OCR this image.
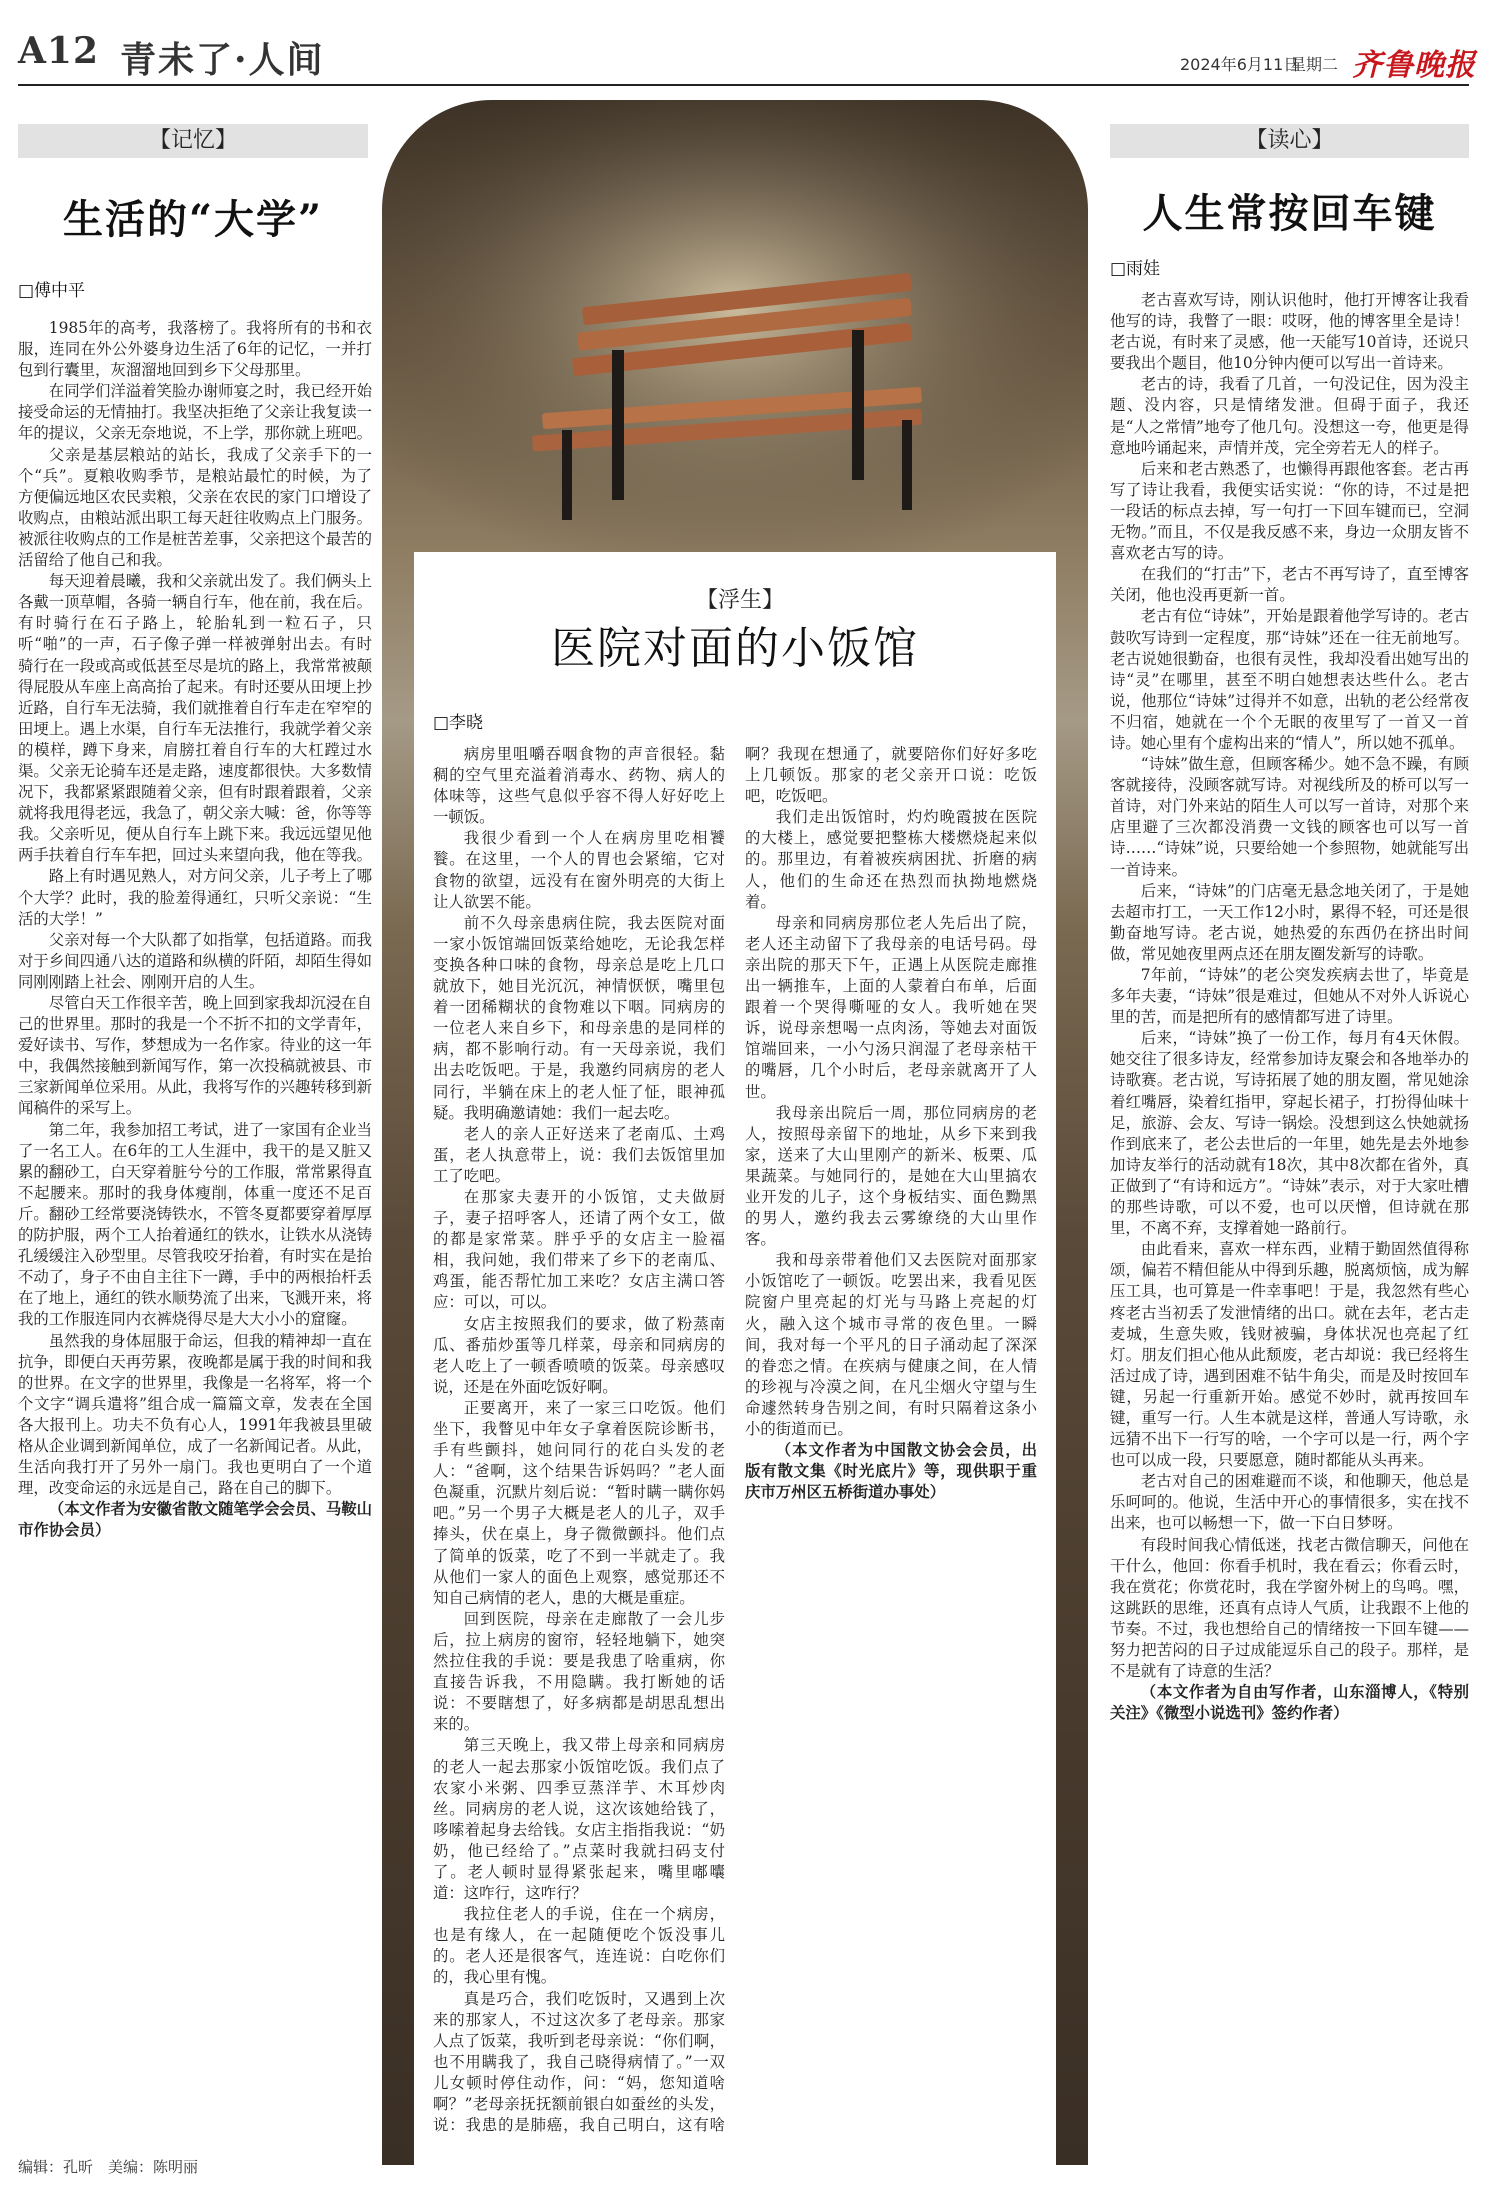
A12 青未了·人间	2024年6月11日
星期二 齐鲁晚报
【记忆】
生活的“大学”
□傅中平

1985年的高考，我落榜了。我将所有的书和衣服，连同在外公外婆身边生活了6年的记忆，一并打包到行囊里，灰溜溜地回到乡下父母那里。

在同学们洋溢着笑脸办谢师宴之时，我已经开始接受命运的无情抽打。我坚决拒绝了父亲让我复读一年的提议，父亲无奈地说，不上学，那你就上班吧。

父亲是基层粮站的站长，我成了父亲手下的一个“兵”。夏粮收购季节，是粮站最忙的时候，为了方便偏远地区农民卖粮，父亲在农民的家门口增设了收购点，由粮站派出职工每天赶往收购点上门服务。被派往收购点的工作是桩苦差事，父亲把这个最苦的活留给了他自己和我。

每天迎着晨曦，我和父亲就出发了。我们俩头上各戴一顶草帽，各骑一辆自行车，他在前，我在后。有时骑行在石子路上，轮胎轧到一粒石子，只听“啪”的一声，石子像子弹一样被弹射出去。有时骑行在一段或高或低甚至尽是坑的路上，我常常被颠得屁股从车座上高高抬了起来。有时还要从田埂上抄近路，自行车无法骑，我们就推着自行车走在窄窄的田埂上。遇上水渠，自行车无法推行，我就学着父亲的模样，蹲下身来，肩膀扛着自行车的大杠蹚过水渠。父亲无论骑车还是走路，速度都很快。大多数情况下，我都紧紧跟随着父亲，但有时跟着跟着，父亲就将我甩得老远，我急了，朝父亲大喊：爸，你等等我。父亲听见，便从自行车上跳下来。我远远望见他两手扶着自行车车把，回过头来望向我，他在等我。

路上有时遇见熟人，对方问父亲，儿子考上了哪个大学？此时，我的脸羞得通红，只听父亲说：“生活的大学！”

父亲对每一个大队都了如指掌，包括道路。而我对于乡间四通八达的道路和纵横的阡陌，却陌生得如同刚刚踏上社会、刚刚开启的人生。

尽管白天工作很辛苦，晚上回到家我却沉浸在自己的世界里。那时的我是一个不折不扣的文学青年，爱好读书、写作，梦想成为一名作家。待业的这一年中，我偶然接触到新闻写作，第一次投稿就被县、市三家新闻单位采用。从此，我将写作的兴趣转移到新闻稿件的采写上。

第二年，我参加招工考试，进了一家国有企业当了一名工人。在6年的工人生涯中，我干的是又脏又累的翻砂工，白天穿着脏兮兮的工作服，常常累得直不起腰来。那时的我身体瘦削，体重一度还不足百斤。翻砂工经常要浇铸铁水，不管冬夏都要穿着厚厚的防护服，两个工人抬着通红的铁水，让铁水从浇铸孔缓缓注入砂型里。尽管我咬牙抬着，有时实在是抬不动了，身子不由自主往下一蹲，手中的两根抬杆丢在了地上，通红的铁水顺势流了出来，飞溅开来，将我的工作服连同内衣裤烧得尽是大大小小的窟窿。

虽然我的身体屈服于命运，但我的精神却一直在抗争，即便白天再劳累，夜晚都是属于我的时间和我的世界。在文字的世界里，我像是一名将军，将一个个文字“调兵遣将”组合成一篇篇文章，发表在全国各大报刊上。功夫不负有心人，1991年我被县里破格从企业调到新闻单位，成了一名新闻记者。从此，生活向我打开了另外一扇门。我也更明白了一个道理，改变命运的永远是自己，路在自己的脚下。

（本文作者为安徽省散文随笔学会会员、马鞍山市作协会员）

【浮生】
医院对面的小饭馆
□李晓

病房里咀嚼吞咽食物的声音很轻。黏稠的空气里充溢着消毒水、药物、病人的体味等，这些气息似乎容不得人好好吃上一顿饭。

我很少看到一个人在病房里吃相饕餮。在这里，一个人的胃也会紧缩，它对食物的欲望，远没有在窗外明亮的大街上让人欲罢不能。

前不久母亲患病住院，我去医院对面一家小饭馆端回饭菜给她吃，无论我怎样变换各种口味的食物，母亲总是吃上几口就放下，她目光沉沉，神情恹恹，嘴里包着一团稀糊状的食物难以下咽。同病房的一位老人来自乡下，和母亲患的是同样的病，都不影响行动。有一天母亲说，我们出去吃饭吧。于是，我邀约同病房的老人同行，半躺在床上的老人怔了怔，眼神孤疑。我明确邀请她：我们一起去吃。

老人的亲人正好送来了老南瓜、土鸡蛋，老人执意带上，说：我们去饭馆里加工了吃吧。

在那家夫妻开的小饭馆，丈夫做厨子，妻子招呼客人，还请了两个女工，做的都是家常菜。胖乎乎的女店主一脸福相，我问她，我们带来了乡下的老南瓜、鸡蛋，能否帮忙加工来吃？女店主满口答应：可以，可以。

女店主按照我们的要求，做了粉蒸南瓜、番茄炒蛋等几样菜，母亲和同病房的老人吃上了一顿香喷喷的饭菜。母亲感叹说，还是在外面吃饭好啊。

正要离开，来了一家三口吃饭。他们坐下，我瞥见中年女子拿着医院诊断书，手有些颤抖，她问同行的花白头发的老人：“爸啊，这个结果告诉妈吗？”老人面色凝重，沉默片刻后说：“暂时瞒一瞒你妈吧。”另一个男子大概是老人的儿子，双手捧头，伏在桌上，身子微微颤抖。他们点了简单的饭菜，吃了不到一半就走了。我从他们一家人的面色上观察，感觉那还不知自己病情的老人，患的大概是重症。

回到医院，母亲在走廊散了一会儿步后，拉上病房的窗帘，轻轻地躺下，她突然拉住我的手说：要是我患了啥重病，你直接告诉我，不用隐瞒。我打断她的话说：不要瞎想了，好多病都是胡思乱想出来的。

第三天晚上，我又带上母亲和同病房的老人一起去那家小饭馆吃饭。我们点了农家小米粥、四季豆蒸洋芋、木耳炒肉丝。同病房的老人说，这次该她给钱了，哆嗦着起身去给钱。女店主指指我说：“奶奶，他已经给了。”点菜时我就扫码支付了。老人顿时显得紧张起来，嘴里嘟囔道：这咋行，这咋行？

我拉住老人的手说，住在一个病房，也是有缘人，在一起随便吃个饭没事儿的。老人还是很客气，连连说：白吃你们的，我心里有愧。

真是巧合，我们吃饭时，又遇到上次来的那家人，不过这次多了老母亲。那家人点了饭菜，我听到老母亲说：“你们啊，也不用瞒我了，我自己晓得病情了。”一双儿女顿时停住动作，问：“妈，您知道啥啊？”老母亲抚抚额前银白如蚕丝的头发，说：我患的是肺癌，我自己明白，这有啥啊？我现在想通了，就要陪你们好好多吃上几顿饭。那家的老父亲开口说：吃饭吧，吃饭吧。

我们走出饭馆时，灼灼晚霞披在医院的大楼上，感觉要把整栋大楼燃烧起来似的。那里边，有着被疾病困扰、折磨的病人，他们的生命还在热烈而执拗地燃烧着。

母亲和同病房那位老人先后出了院，老人还主动留下了我母亲的电话号码。母亲出院的那天下午，正遇上从医院走廊推出一辆推车，上面的人蒙着白布单，后面跟着一个哭得嘶哑的女人。我听她在哭诉，说母亲想喝一点肉汤，等她去对面饭馆端回来，一小勺汤只润湿了老母亲枯干的嘴唇，几个小时后，老母亲就离开了人世。

我母亲出院后一周，那位同病房的老人，按照母亲留下的地址，从乡下来到我家，送来了大山里刚产的新米、板栗、瓜果蔬菜。与她同行的，是她在大山里搞农业开发的儿子，这个身板结实、面色黝黑的男人，邀约我去云雾缭绕的大山里作客。

我和母亲带着他们又去医院对面那家小饭馆吃了一顿饭。吃罢出来，我看见医院窗户里亮起的灯光与马路上亮起的灯火，融入这个城市寻常的夜色里。一瞬间，我对每一个平凡的日子涌动起了深深的眷恋之情。在疾病与健康之间，在人情的珍视与冷漠之间，在凡尘烟火守望与生命遽然转身告别之间，有时只隔着这条小小的街道而已。

（本文作者为中国散文协会会员，出版有散文集《时光底片》等，现供职于重庆市万州区五桥街道办事处）

【读心】
人生常按回车键
□雨娃

老古喜欢写诗，刚认识他时，他打开博客让我看他写的诗，我瞥了一眼：哎呀，他的博客里全是诗！老古说，有时来了灵感，他一天能写10首诗，还说只要我出个题目，他10分钟内便可以写出一首诗来。

老古的诗，我看了几首，一句没记住，因为没主题、没内容，只是情绪发泄。但碍于面子，我还是“人之常情”地夸了他几句。没想这一夸，他更是得意地吟诵起来，声情并茂，完全旁若无人的样子。

后来和老古熟悉了，也懒得再跟他客套。老古再写了诗让我看，我便实话实说：“你的诗，不过是把一段话的标点去掉，写一句打一下回车键而已，空洞无物。”而且，不仅是我反感不来，身边一众朋友皆不喜欢老古写的诗。

在我们的“打击”下，老古不再写诗了，直至博客关闭，他也没再更新一首。

老古有位“诗妹”，开始是跟着他学写诗的。老古鼓吹写诗到一定程度，那“诗妹”还在一往无前地写。老古说她很勤奋，也很有灵性，我却没看出她写出的诗“灵”在哪里，甚至不明白她想表达些什么。老古说，他那位“诗妹”过得并不如意，出轨的老公经常夜不归宿，她就在一个个无眠的夜里写了一首又一首诗。她心里有个虚构出来的“情人”，所以她不孤单。

“诗妹”做生意，但顾客稀少。她不急不躁，有顾客就接待，没顾客就写诗。对视线所及的桥可以写一首诗，对门外来站的陌生人可以写一首诗，对那个来店里避了三次都没消费一文钱的顾客也可以写一首诗……“诗妹”说，只要给她一个参照物，她就能写出一首诗来。

后来，“诗妹”的门店毫无悬念地关闭了，于是她去超市打工，一天工作12小时，累得不轻，可还是很勤奋地写诗。老古说，她热爱的东西仍在挤出时间做，常见她夜里两点还在朋友圈发新写的诗歌。

7年前，“诗妹”的老公突发疾病去世了，毕竟是多年夫妻，“诗妹”很是难过，但她从不对外人诉说心里的苦，而是把所有的感情都写进了诗里。

后来，“诗妹”换了一份工作，每月有4天休假。她交往了很多诗友，经常参加诗友聚会和各地举办的诗歌赛。老古说，写诗拓展了她的朋友圈，常见她涂着红嘴唇，染着红指甲，穿起长裙子，打扮得仙味十足，旅游、会友、写诗一锅烩。没想到这么快她就扬作到底来了，老公去世后的一年里，她先是去外地参加诗友举行的活动就有18次，其中8次都在省外，真正做到了“有诗和远方”。“诗妹”表示，对于大家吐槽的那些诗歌，可以不爱，也可以厌憎，但诗就在那里，不离不弃，支撑着她一路前行。

由此看来，喜欢一样东西，业精于勤固然值得称颂，偏若不精但能从中得到乐趣，脱离烦恼，成为解压工具，也可算是一件幸事吧！于是，我忽然有些心疼老古当初丢了发泄情绪的出口。就在去年，老古走麦城，生意失败，钱财被骗，身体状况也亮起了红灯。朋友们担心他从此颓废，老古却说：我已经将生活过成了诗，遇到困难不钻牛角尖，而是及时按回车键，另起一行重新开始。感觉不妙时，就再按回车键，重写一行。人生本就是这样，普通人写诗歌，永远猜不出下一行写的啥，一个字可以是一行，两个字也可以成一段，只要愿意，随时都能从头再来。

老古对自己的困难避而不谈，和他聊天，他总是乐呵呵的。他说，生活中开心的事情很多，实在找不出来，也可以畅想一下，做一下白日梦呀。

有段时间我心情低迷，找老古微信聊天，问他在干什么，他回：你看手机时，我在看云；你看云时，我在赏花；你赏花时，我在学窗外树上的鸟鸣。嘿，这跳跃的思维，还真有点诗人气质，让我跟不上他的节奏。不过，我也想给自己的情绪按一下回车键——努力把苦闷的日子过成能逗乐自己的段子。那样，是不是就有了诗意的生活？

（本文作者为自由写作者，山东淄博人，《特别关注》《微型小说选刊》签约作者）

编辑：孔昕　美编：陈明丽
